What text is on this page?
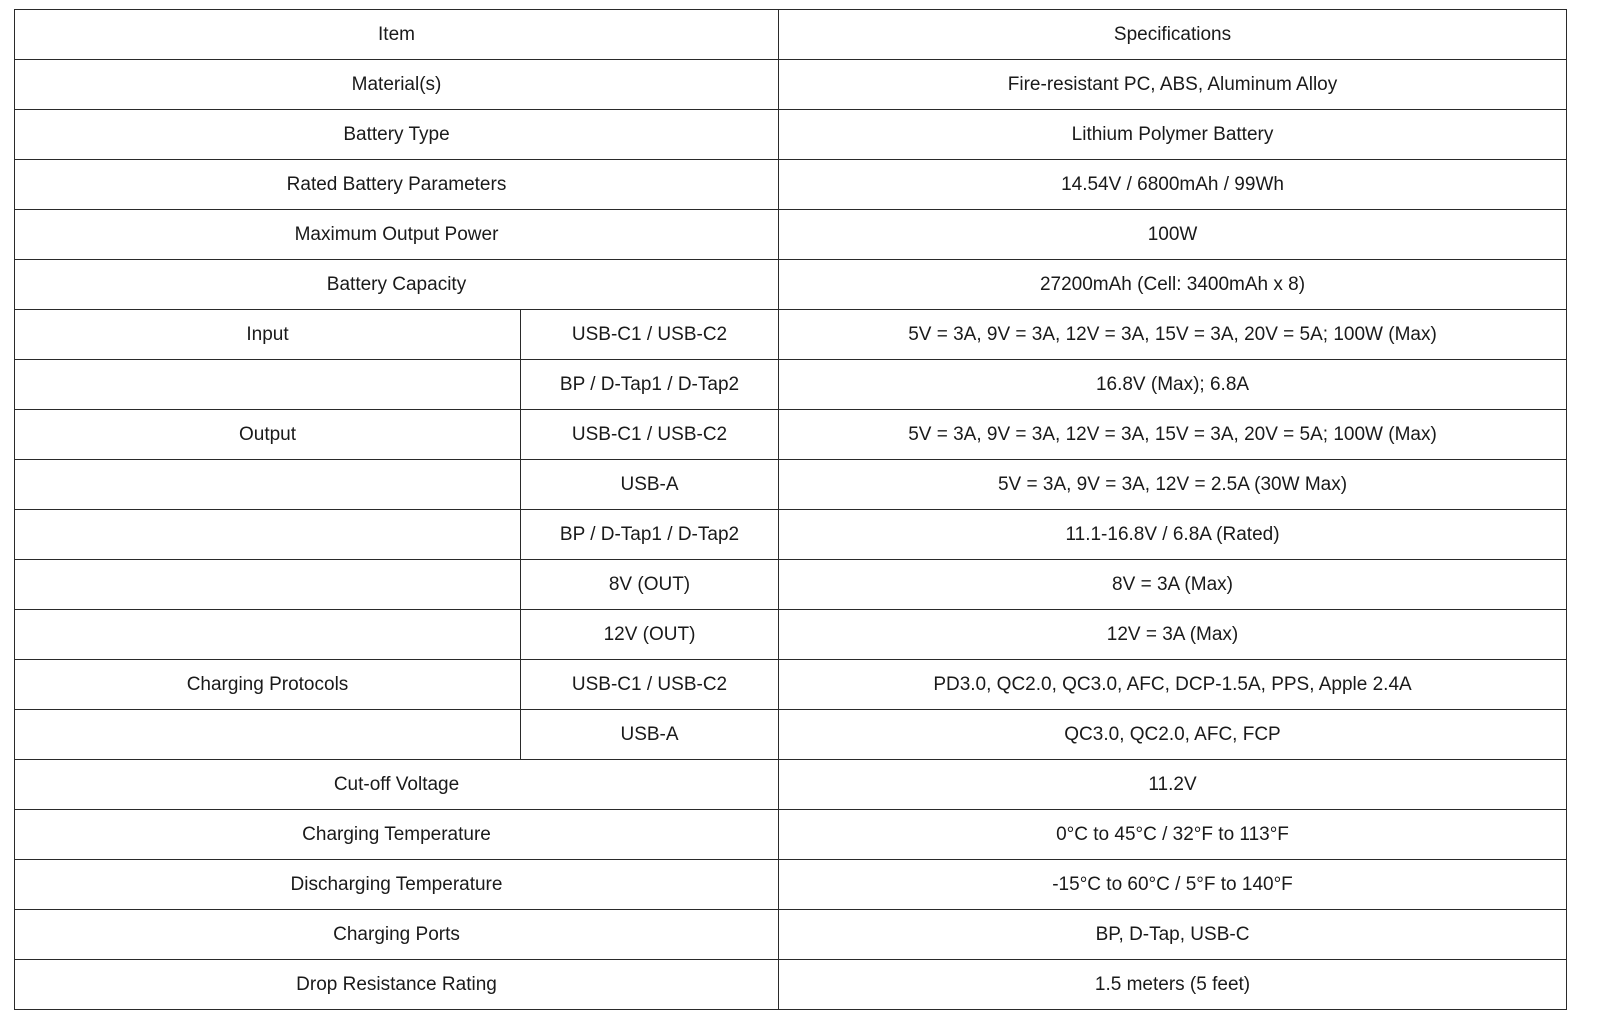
Item		Specifications
Material(s)		Fire-resistant PC, ABS, Aluminum Alloy
Battery Type		Lithium Polymer Battery
Rated Battery Parameters		14.54V / 6800mAh / 99Wh
Maximum Output Power		100W
Battery Capacity		27200mAh (Cell: 3400mAh x 8)
Input	USB-C1 / USB-C2	5V = 3A, 9V = 3A, 12V = 3A, 15V = 3A, 20V = 5A; 100W (Max)
	BP / D-Tap1 / D-Tap2	16.8V (Max); 6.8A
Output	USB-C1 / USB-C2	5V = 3A, 9V = 3A, 12V = 3A, 15V = 3A, 20V = 5A; 100W (Max)
	USB-A	5V = 3A, 9V = 3A, 12V = 2.5A (30W Max)
	BP / D-Tap1 / D-Tap2	11.1-16.8V / 6.8A (Rated)
	8V (OUT)	8V = 3A (Max)
	12V (OUT)	12V = 3A (Max)
Charging Protocols	USB-C1 / USB-C2	PD3.0, QC2.0, QC3.0, AFC, DCP-1.5A, PPS, Apple 2.4A
	USB-A	QC3.0, QC2.0, AFC, FCP
Cut-off Voltage		11.2V
Charging Temperature		0°C to 45°C / 32°F to 113°F
Discharging Temperature		-15°C to 60°C / 5°F to 140°F
Charging Ports		BP, D-Tap, USB-C
Drop Resistance Rating		1.5 meters (5 feet)
